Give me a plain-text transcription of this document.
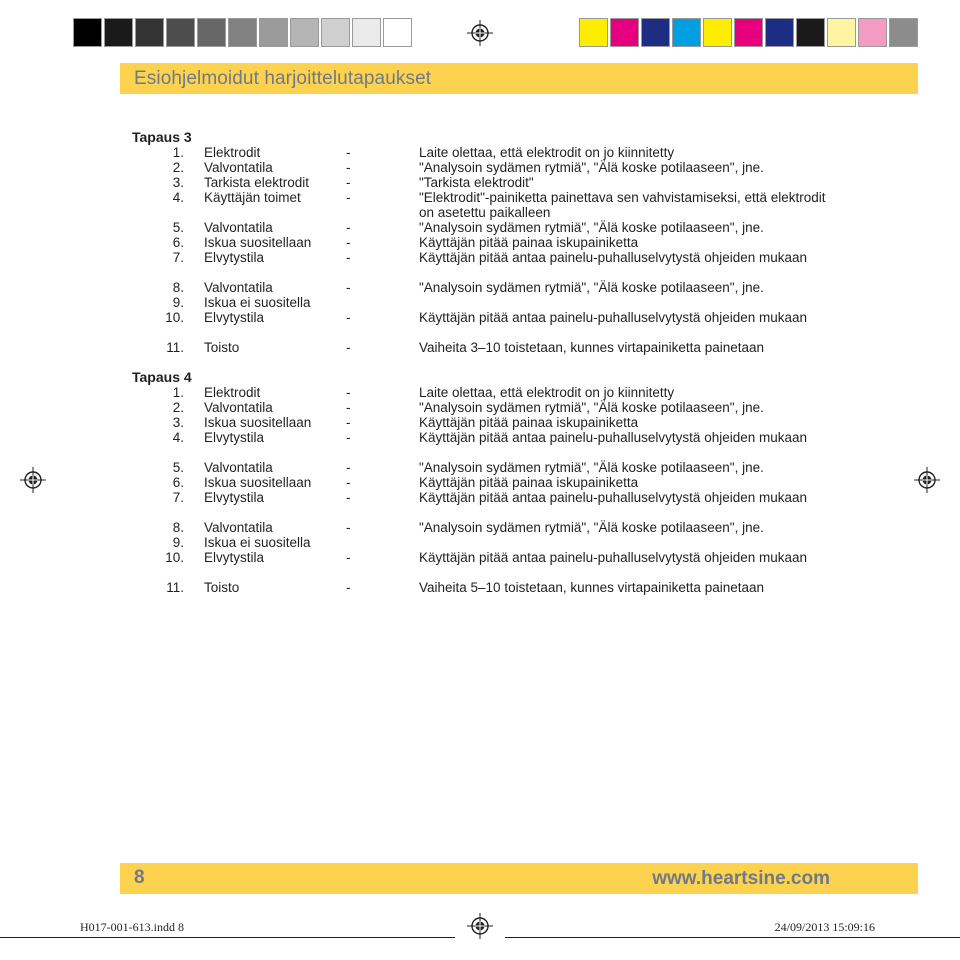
Esiohjelmoidut harjoittelutapaukset
Tapaus 3
1. Elektrodit	-	Laite olettaa, että elektrodit on jo kiinnitetty
2. Valvontatila	-	"Analysoin sydämen rytmiä", "Älä koske potilaaseen", jne.
3. Tarkista elektrodit	-	"Tarkista elektrodit"
4. Käyttäjän toimet	-	"Elektrodit"-painiketta painettava sen vahvistamiseksi, että elektrodit on asetettu paikalleen
5. Valvontatila	-	"Analysoin sydämen rytmiä", "Älä koske potilaaseen", jne.
6. Iskua suositellaan	-	Käyttäjän pitää painaa iskupainiketta
7. Elvytystila	-	Käyttäjän pitää antaa painelu-puhalluselvytystä ohjeiden mukaan
8. Valvontatila	-	"Analysoin sydämen rytmiä", "Älä koske potilaaseen", jne.
9. Iskua ei suositella
10. Elvytystila	-	Käyttäjän pitää antaa painelu-puhalluselvytystä ohjeiden mukaan
11. Toisto	-	Vaiheita 3–10 toistetaan, kunnes virtapainiketta painetaan
Tapaus 4
1. Elektrodit	-	Laite olettaa, että elektrodit on jo kiinnitetty
2. Valvontatila	-	"Analysoin sydämen rytmiä", "Älä koske potilaaseen", jne.
3. Iskua suositellaan	-	Käyttäjän pitää painaa iskupainiketta
4. Elvytystila	-	Käyttäjän pitää antaa painelu-puhalluselvytystä ohjeiden mukaan
5. Valvontatila	-	"Analysoin sydämen rytmiä", "Älä koske potilaaseen", jne.
6. Iskua suositellaan	-	Käyttäjän pitää painaa iskupainiketta
7. Elvytystila	-	Käyttäjän pitää antaa painelu-puhalluselvytystä ohjeiden mukaan
8. Valvontatila	-	"Analysoin sydämen rytmiä", "Älä koske potilaaseen", jne.
9. Iskua ei suositella
10. Elvytystila	-	Käyttäjän pitää antaa painelu-puhalluselvytystä ohjeiden mukaan
11. Toisto	-	Vaiheita 5–10 toistetaan, kunnes virtapainiketta painetaan
8	www.heartsine.com
H017-001-613.indd 8	24/09/2013 15:09:16
